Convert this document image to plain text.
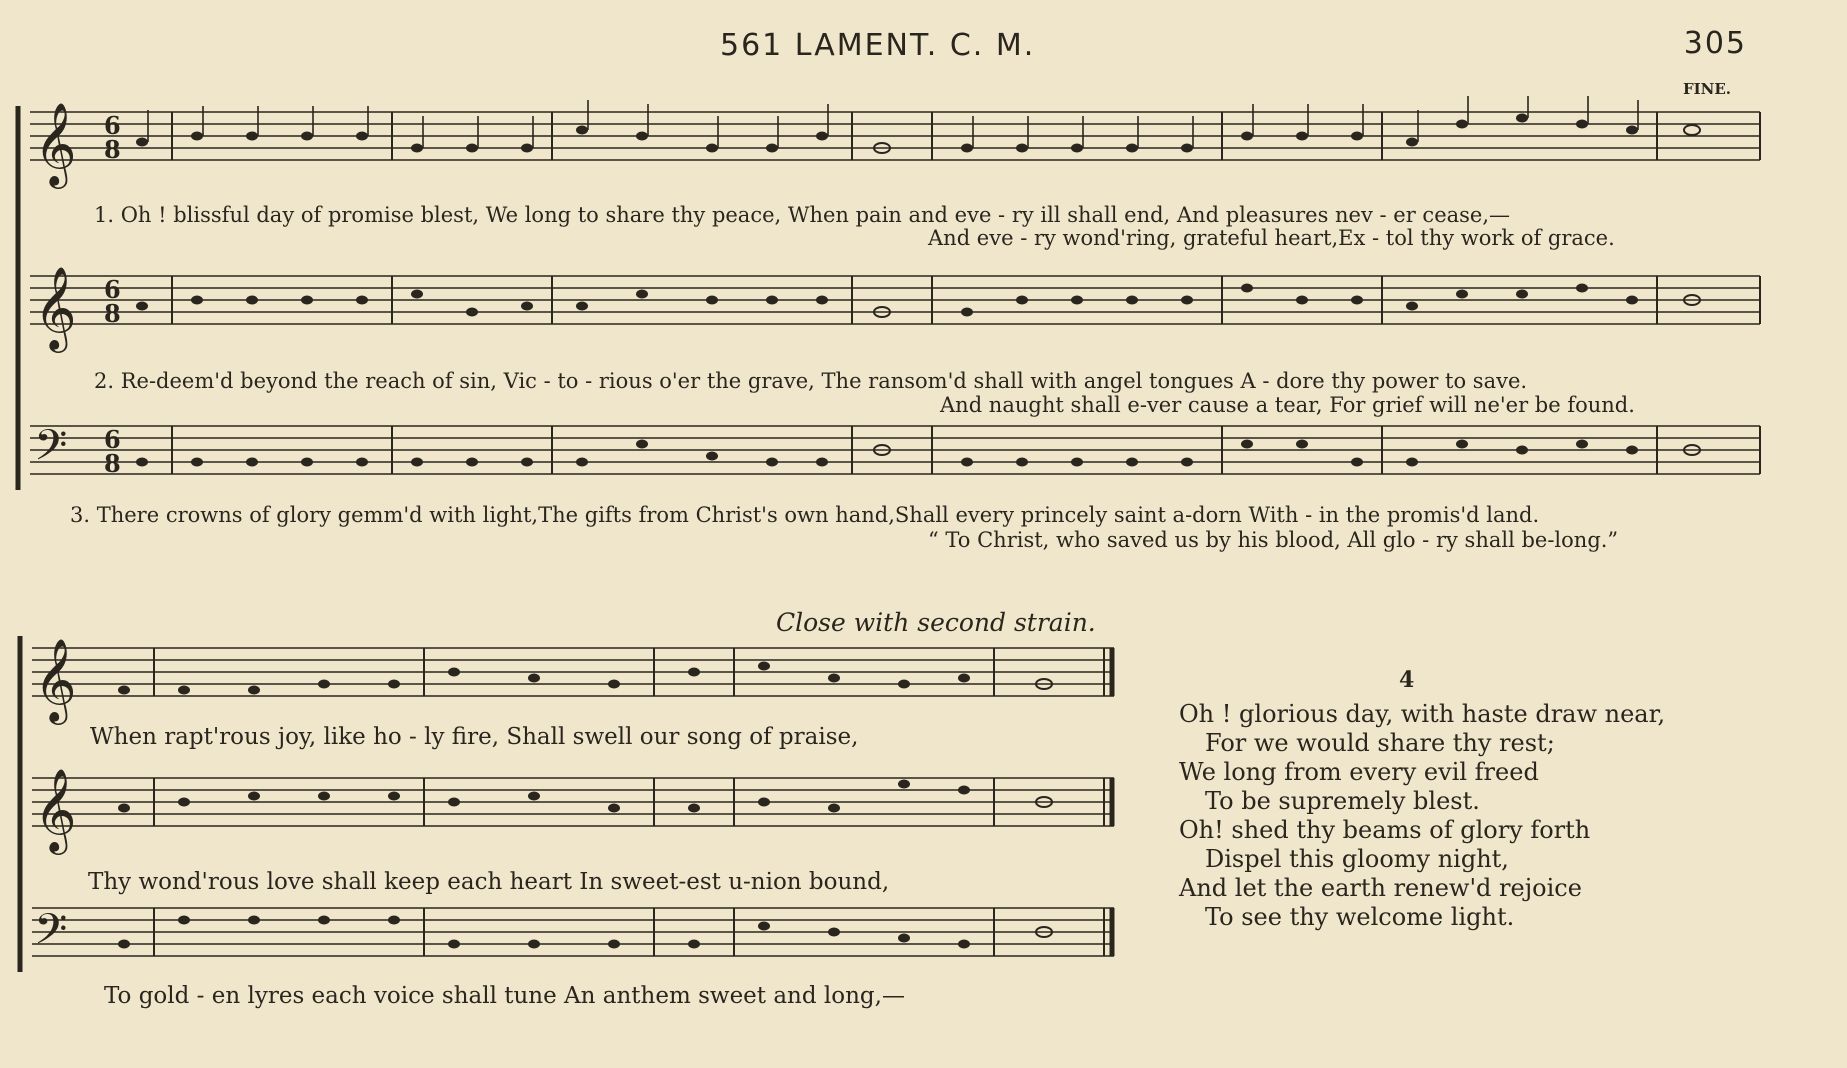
561 LAMENT. C. M.	305
FINE.
𝄞
𝄞
𝄢
6
8
6
8
6
8
1. Oh ! blissful day of promise blest, We long to share thy peace, When pain and eve - ry ill shall end, And pleasures nev - er cease,—
And eve - ry wond'ring, grateful heart,Ex - tol thy work of grace.
2. Re-deem'd beyond the reach of sin, Vic - to - rious o'er the grave, The ransom'd shall with angel tongues A - dore thy power to save.
And naught shall e-ver cause a tear, For grief will ne'er be found.
3. There crowns of glory gemm'd with light,The gifts from Christ's own hand,Shall every princely saint a-dorn With - in the promis'd land.
“ To Christ, who saved us by his blood, All glo - ry shall be-long.”
Close with second strain.
𝄞
𝄞
𝄢
When rapt'rous joy, like ho - ly fire, Shall swell our song of praise,
Thy wond'rous love shall keep each heart In sweet-est u-nion bound,
To gold - en lyres each voice shall tune An anthem sweet and long,—
4
Oh ! glorious day, with haste draw near,
For we would share thy rest;
We long from every evil freed
To be supremely blest.
Oh! shed thy beams of glory forth
Dispel this gloomy night,
And let the earth renew'd rejoice
To see thy welcome light.
